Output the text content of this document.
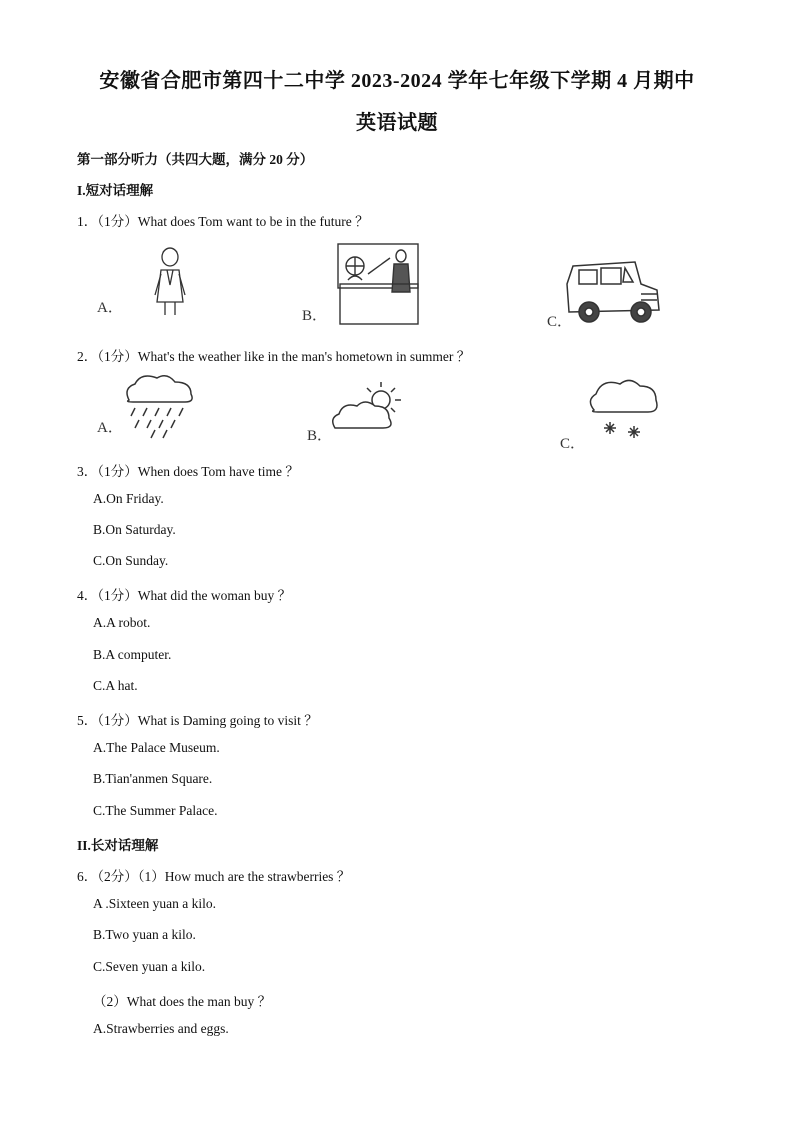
安徽省合肥市第四十二中学 2023-2024 学年七年级下学期 4 月期中
英语试题
第一部分听力（共四大题，满分 20 分）
I.短对话理解
1．（1分）What does Tom want to be in the future ？
A．	B．	C．
2．（1分）What's the weather like in the man's hometown in summer ？
A．	B．	C．
3．（1分）When does Tom have time ？
A.On Friday.
B.On Saturday.
C.On Sunday.
4．（1分）What did the woman buy ？
A.A robot.
B.A computer.
C.A hat.
5．（1分）What is Daming going to visit ？
A.The Palace Museum.
B.Tian'anmen Square.
C.The Summer Palace.
II.长对话理解
6．（2分）（1）How much are the strawberries ？
A .Sixteen yuan a kilo.
B.Two yuan a kilo.
C.Seven yuan a kilo.
（2）What does the man buy ？
A.Strawberries and eggs.
